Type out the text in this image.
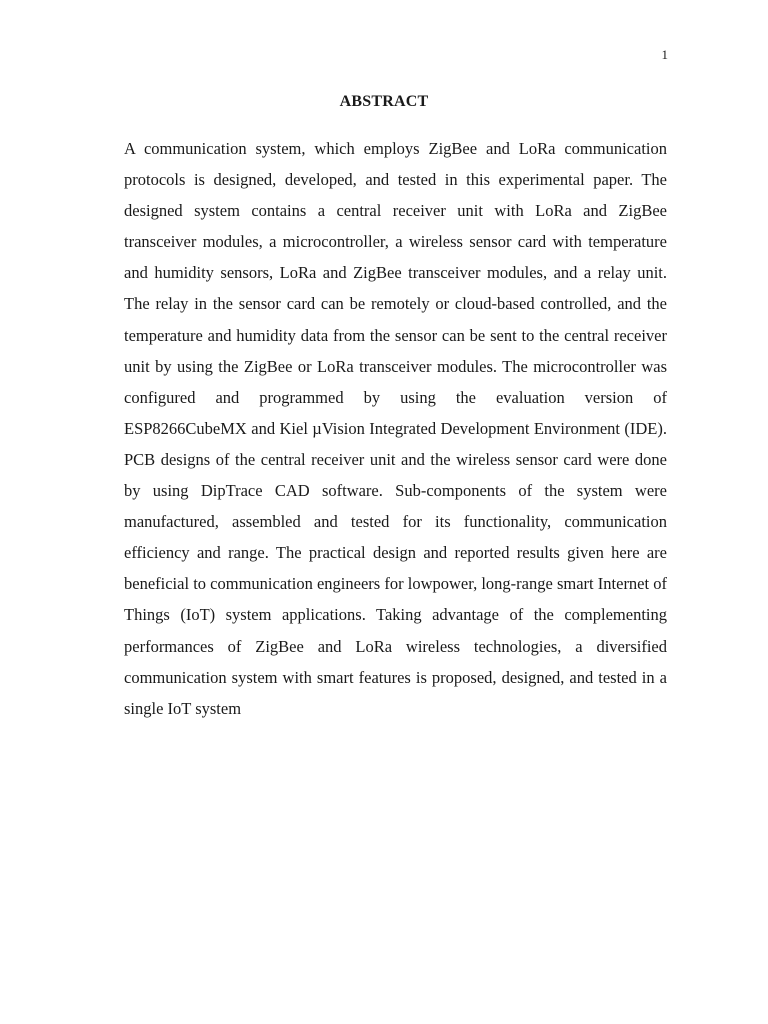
1
ABSTRACT

A communication system, which employs ZigBee and LoRa communication protocols is designed, developed, and tested in this experimental paper. The designed system contains a central receiver unit with LoRa and ZigBee transceiver modules, a microcontroller, a wireless sensor card with temperature and humidity sensors, LoRa and ZigBee transceiver modules, and a relay unit. The relay in the sensor card can be remotely or cloud-based controlled, and the temperature and humidity data from the sensor can be sent to the central receiver unit by using the ZigBee or LoRa transceiver modules. The microcontroller was configured and programmed by using the evaluation version of ESP8266CubeMX and Kiel µVision Integrated Development Environment (IDE). PCB designs of the central receiver unit and the wireless sensor card were done by using DipTrace CAD software. Sub-components of the system were manufactured, assembled and tested for its functionality, communication efficiency and range. The practical design and reported results given here are beneficial to communication engineers for lowpower, long-range smart Internet of Things (IoT) system applications. Taking advantage of the complementing performances of ZigBee and LoRa wireless technologies, a diversified communication system with smart features is proposed, designed, and tested in a single IoT system
